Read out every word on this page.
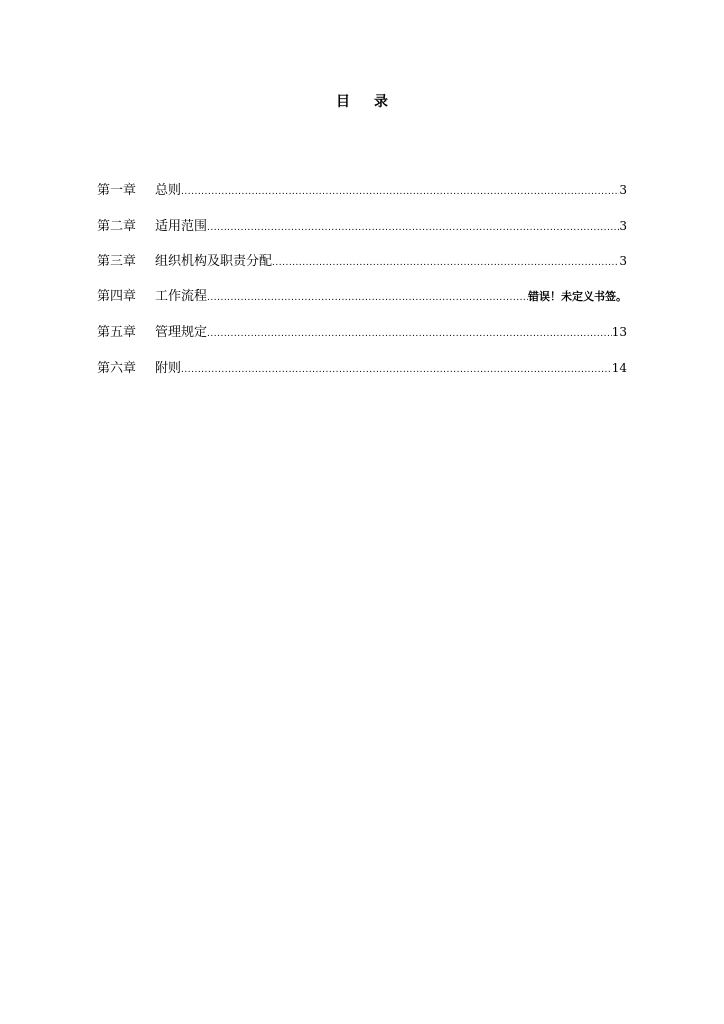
目 录
第一章	总则 .....	3
第二章	适用范围 .....	3
第三章	组织机构及职责分配 .....	3
第四章	工作流程 .....	错误！未定义书签。
第五章	管理规定 .....	13
第六章	附则 .....	14
